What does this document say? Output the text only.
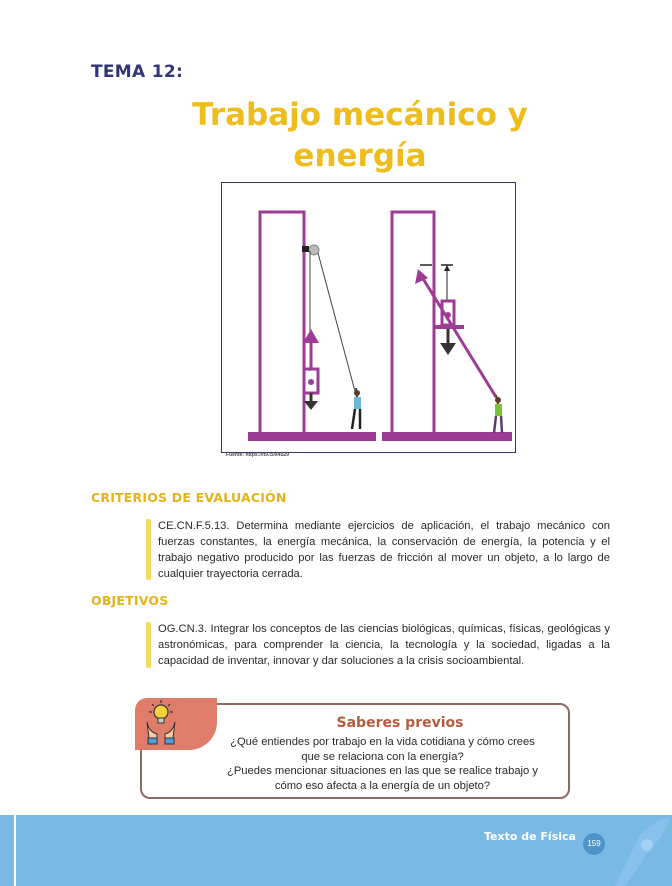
TEMA 12:
Trabajo mecánico y
energía
Fuente: https://n9.cl/s4u29
CRITERIOS DE EVALUACIÓN
CE.CN.F.5.13. Determina mediante ejercicios de aplicación, el trabajo mecánico con fuerzas constantes, la energía mecánica, la conservación de energía, la potencia y el trabajo negativo producido por las fuerzas de fricción al mover un objeto, a lo largo de cualquier trayectoria cerrada.
OBJETIVOS
OG.CN.3. Integrar los conceptos de las ciencias biológicas, químicas, físicas, geológicas y astronómicas, para comprender la ciencia, la tecnología y la sociedad, ligadas a la capacidad de inventar, innovar y dar soluciones a la crisis socioambiental.
Saberes previos
¿Qué entiendes por trabajo en la vida cotidiana y cómo crees
que se relaciona con la energía?
¿Puedes mencionar situaciones en las que se realice trabajo y
cómo eso afecta a la energía de un objeto?
Texto de Física
159
